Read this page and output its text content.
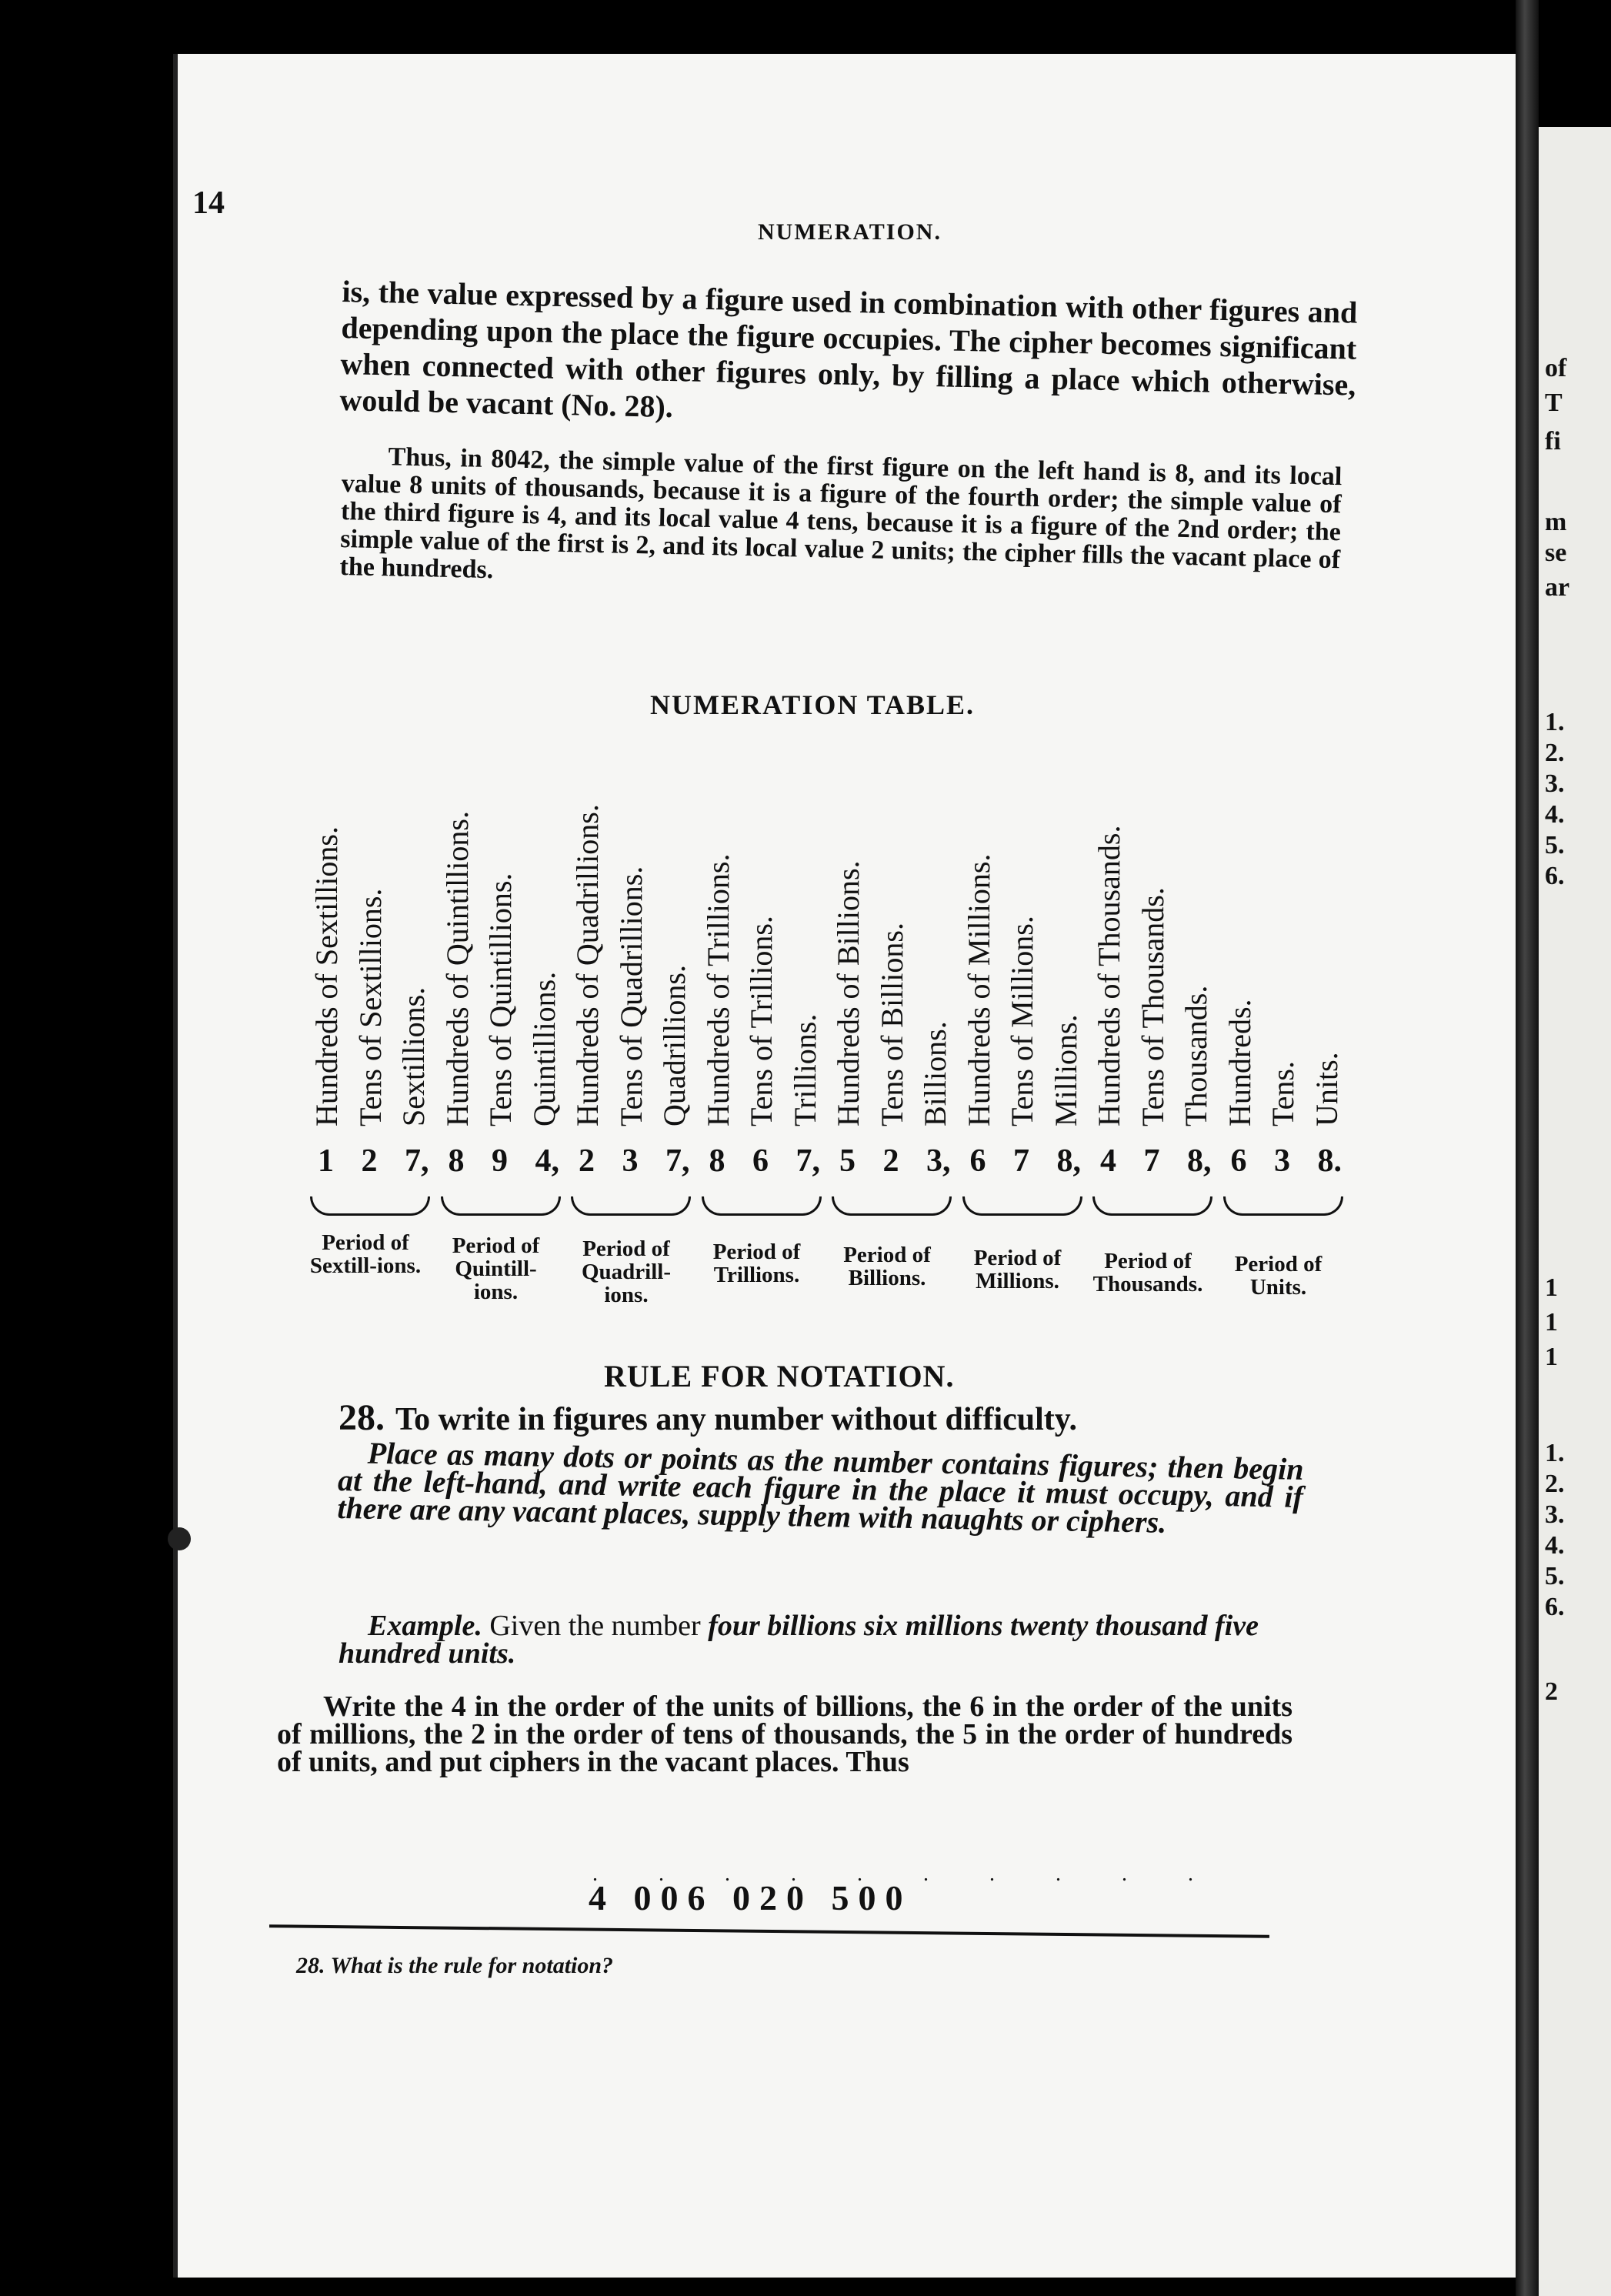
of
T
fi
m
se
ar
1.
2.
3.
4.
5.
6.
1
1
1
1.
2.
3.
4.
5.
6.
2
14
NUMERATION.
is, the value expressed by a figure used in combination with other figures and depending upon the place the figure occupies. The cipher becomes significant when connected with other figures only, by filling a place which otherwise, would be vacant (No. 28).
Thus, in 8042, the simple value of the first figure on the left hand is 8, and its local value 8 units of thousands, because it is a figure of the fourth order; the simple value of the third figure is 4, and its local value 4 tens, because it is a figure of the 2nd order; the simple value of the first is 2, and its local value 2 units; the cipher fills the vacant place of the hundreds.
NUMERATION TABLE.
Hundreds of Sextillions.
1
Tens of Sextillions.
2
Sextillions.
7,
Hundreds of Quintillions.
8
Tens of Quintillions.
9
Quintillions.
4,
Hundreds of Quadrillions.
2
Tens of Quadrillions.
3
Quadrillions.
7,
Hundreds of Trillions.
8
Tens of Trillions.
6
Trillions.
7,
Hundreds of Billions.
5
Tens of Billions.
2
Billions.
3,
Hundreds of Millions.
6
Tens of Millions.
7
Millions.
8,
Hundreds of Thousands.
4
Tens of Thousands.
7
Thousands.
8,
Hundreds.
6
Tens.
3
Units.
8.
Period of Sextill-ions.
Period of Quintill-ions.
Period of Quadrill-ions.
Period of Trillions.
Period of Billions.
Period of Millions.
Period of Thousands.
Period of Units.
RULE FOR NOTATION.
28. To write in figures any number without difficulty.
Place as many dots or points as the number contains figures; then begin at the left-hand, and write each figure in the place it must occupy, and if there are any vacant places, supply them with naughts or ciphers.
Example. Given the number four billions six millions twenty thousand five hundred units.
Write the 4 in the order of the units of billions, the 6 in the order of the units of millions, the 2 in the order of tens of thousands, the 5 in the order of hundreds of units, and put ciphers in the vacant places. Thus
. . . . . . . . . .
4 006 020 500
28. What is the rule for notation?
